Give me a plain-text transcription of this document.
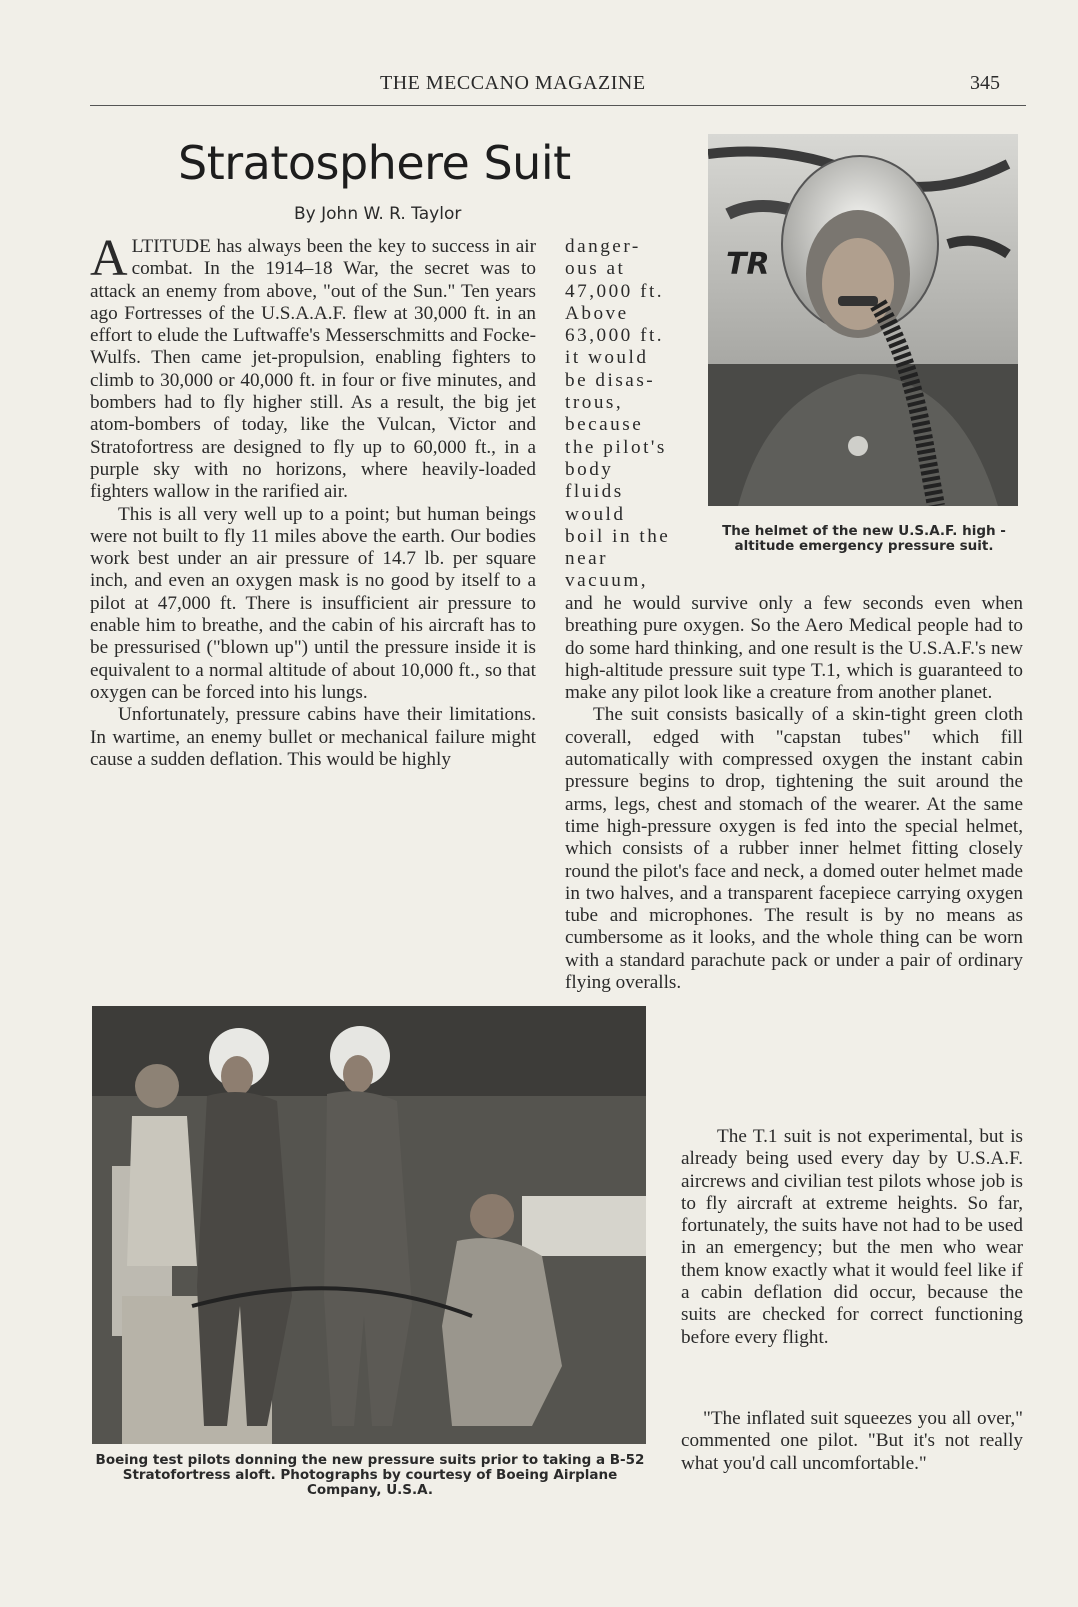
THE MECCANO MAGAZINE	345
Stratosphere Suit
By John W. R. Taylor

ALTITUDE has always been the key to success in air combat. In the 1914–18 War, the secret was to attack an enemy from above, "out of the Sun." Ten years ago Fortresses of the U.S.A.A.F. flew at 30,000 ft. in an effort to elude the Luftwaffe's Messerschmitts and Focke-Wulfs. Then came jet-propulsion, enabling fighters to climb to 30,000 or 40,000 ft. in four or five minutes, and bombers had to fly higher still. As a result, the big jet atom-bombers of today, like the Vulcan, Victor and Stratofortress are designed to fly up to 60,000 ft., in a purple sky with no horizons, where heavily-loaded fighters wallow in the rarified air.

This is all very well up to a point; but human beings were not built to fly 11 miles above the earth. Our bodies work best under an air pressure of 14.7 lb. per square inch, and even an oxygen mask is no good by itself to a pilot at 47,000 ft. There is insufficient air pressure to enable him to breathe, and the cabin of his aircraft has to be pressurised ("blown up") until the pressure inside it is equivalent to a normal altitude of about 10,000 ft., so that oxygen can be forced into his lungs.

Unfortunately, pressure cabins have their limitations. In wartime, an enemy bullet or mechanical failure might cause a sudden deflation. This would be highly

danger-

ous at

47,000 ft.

Above

63,000 ft.

it would

be disas-

trous,

because

the pilot's

body

fluids

would

boil in the

near

vacuum,

TR
The helmet of the new U.S.A.F. high - altitude emergency pressure suit.

and he would survive only a few seconds even when breathing pure oxygen. So the Aero Medical people had to do some hard thinking, and one result is the U.S.A.F.'s new high-altitude pressure suit type T.1, which is guaranteed to make any pilot look like a creature from another planet.

The suit consists basically of a skin-tight green cloth coverall, edged with "capstan tubes" which fill automatically with compressed oxygen the instant cabin pressure begins to drop, tightening the suit around the arms, legs, chest and stomach of the wearer. At the same time high-pressure oxygen is fed into the special helmet, which consists of a rubber inner helmet fitting closely round the pilot's face and neck, a domed outer helmet made in two halves, and a transparent facepiece carrying oxygen tube and microphones. The result is by no means as cumbersome as it looks, and the whole thing can be worn with a standard parachute pack or under a pair of ordinary flying overalls.

Boeing test pilots donning the new pressure suits prior to taking a B-52 Stratofortress aloft. Photographs by courtesy of Boeing Airplane Company, U.S.A.

The T.1 suit is not experimental, but is already being used every day by U.S.A.F. aircrews and civilian test pilots whose job is to fly aircraft at extreme heights. So far, fortunately, the suits have not had to be used in an emergency; but the men who wear them know exactly what it would feel like if a cabin deflation did occur, because the suits are checked for correct functioning before every flight.

"The inflated suit squeezes you all over," commented one pilot. "But it's not really what you'd call uncomfortable."
